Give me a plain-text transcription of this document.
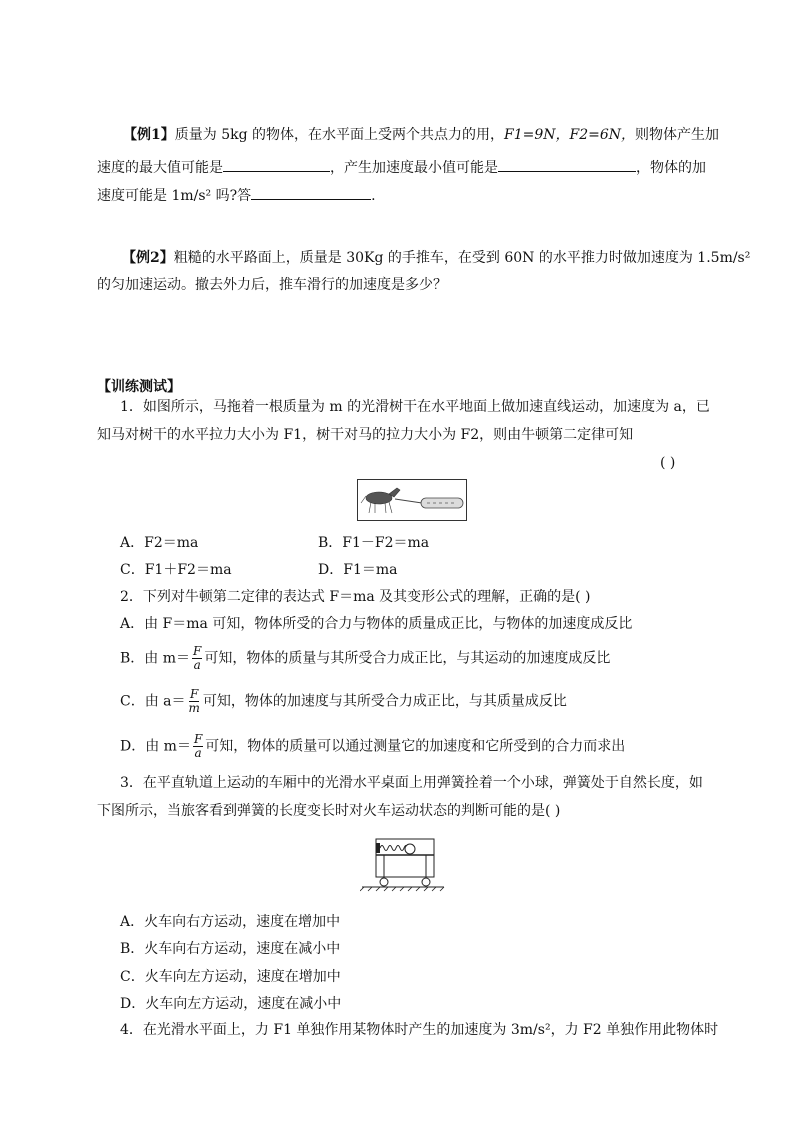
【例1】质量为 5kg 的物体，在水平面上受两个共点力的用，F1=9N，F2=6N，则物体产生加
速度的最大值可能是	，产生加速度最小值可能是	，物体的加
速度可能是 1m/s² 吗?答	.
【例2】粗糙的水平路面上，质量是 30Kg 的手推车，在受到 60N 的水平推力时做加速度为 1.5m/s²
的匀加速运动。撤去外力后，推车滑行的加速度是多少？
【训练测试】
1．如图所示，马拖着一根质量为 m 的光滑树干在水平地面上做加速直线运动，加速度为 a，已
知马对树干的水平拉力大小为 F1，树干对马的拉力大小为 F2，则由牛顿第二定律可知
( )
A．F2＝ma	B．F1－F2＝ma
C．F1＋F2＝ma	D．F1＝ma
2．下列对牛顿第二定律的表达式 F＝ma 及其变形公式的理解，正确的是( )
A．由 F＝ma 可知，物体所受的合力与物体的质量成正比，与物体的加速度成反比
B．由 $m= \frac{F}{a}$ 可知，物体的质量与其所受合力成正比，与其运动的加速度成反比
C．由 $a= \frac{F}{m}$ 可知，物体的加速度与其所受合力成正比，与其质量成反比
D．由 $m= \frac{F}{a}$ 可知，物体的质量可以通过测量它的加速度和它所受到的合力而求出
3．在平直轨道上运动的车厢中的光滑水平桌面上用弹簧拴着一个小球，弹簧处于自然长度，如
下图所示，当旅客看到弹簧的长度变长时对火车运动状态的判断可能的是( )
A．火车向右方运动，速度在增加中
B．火车向右方运动，速度在减小中
C．火车向左方运动，速度在增加中
D．火车向左方运动，速度在减小中
4．在光滑水平面上，力 F1 单独作用某物体时产生的加速度为 3m/s²，力 F2 单独作用此物体时
